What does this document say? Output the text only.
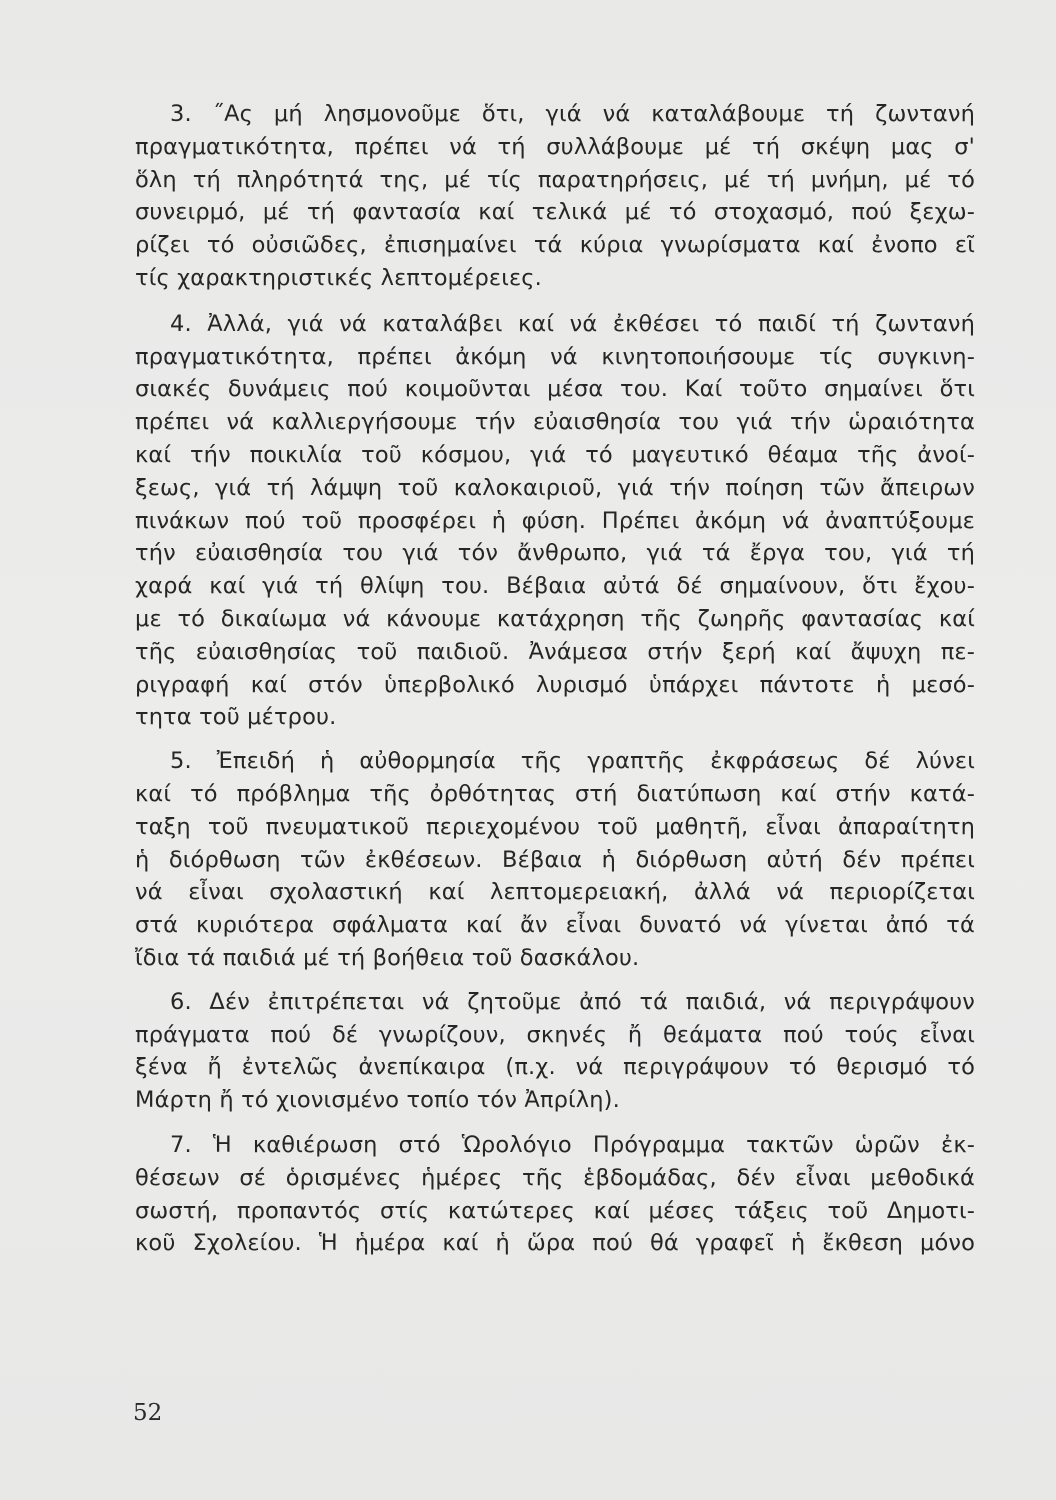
3. ˝Ας μή λησμονοῦμε ὅτι, γιά νά καταλάβουμε τή ζωντανή
πραγματικότητα, πρέπει νά τή συλλάβουμε μέ τή σκέψη μας σ'
ὅλη τή πληρότητά της, μέ τίς παρατηρήσεις, μέ τή μνήμη, μέ τό
συνειρμό, μέ τή φαντασία καί τελικά μέ τό στοχασμό, πού ξεχω-
ρίζει τό οὐσιῶδες, ἐπισημαίνει τά κύρια γνωρίσματα καί ἐνοπο εῖ
τίς χαρακτηριστικές λεπτομέρειες.

4. Ἀλλά, γιά νά καταλάβει καί νά ἐκθέσει τό παιδί τή ζωντανή
πραγματικότητα, πρέπει ἀκόμη νά κινητοποιήσουμε τίς συγκινη-
σιακές δυνάμεις πού κοιμοῦνται μέσα του. Καί τοῦτο σημαίνει ὅτι
πρέπει νά καλλιεργήσουμε τήν εὐαισθησία του γιά τήν ὡραιότητα
καί τήν ποικιλία τοῦ κόσμου, γιά τό μαγευτικό θέαμα τῆς ἀνοί-
ξεως, γιά τή λάμψη τοῦ καλοκαιριοῦ, γιά τήν ποίηση τῶν ἄπειρων
πινάκων πού τοῦ προσφέρει ἡ φύση. Πρέπει ἀκόμη νά ἀναπτύξουμε
τήν εὐαισθησία του γιά τόν ἄνθρωπο, γιά τά ἔργα του, γιά τή
χαρά καί γιά τή θλίψη του. Βέβαια αὐτά δέ σημαίνουν, ὅτι ἔχου-
με τό δικαίωμα νά κάνουμε κατάχρηση τῆς ζωηρῆς φαντασίας καί
τῆς εὐαισθησίας τοῦ παιδιοῦ. Ἀνάμεσα στήν ξερή καί ἄψυχη πε-
ριγραφή καί στόν ὑπερβολικό λυρισμό ὑπάρχει πάντοτε ἡ μεσό-
τητα τοῦ μέτρου.

5. Ἐπειδή ἡ αὐθορμησία τῆς γραπτῆς ἐκφράσεως δέ λύνει
καί τό πρόβλημα τῆς ὀρθότητας στή διατύπωση καί στήν κατά-
ταξη τοῦ πνευματικοῦ περιεχομένου τοῦ μαθητῆ, εἶναι ἀπαραίτητη
ἡ διόρθωση τῶν ἐκθέσεων. Βέβαια ἡ διόρθωση αὐτή δέν πρέπει
νά εἶναι σχολαστική καί λεπτομερειακή, ἀλλά νά περιορίζεται
στά κυριότερα σφάλματα καί ἄν εἶναι δυνατό νά γίνεται ἀπό τά
ἴδια τά παιδιά μέ τή βοήθεια τοῦ δασκάλου.

6. Δέν ἐπιτρέπεται νά ζητοῦμε ἀπό τά παιδιά, νά περιγράψουν
πράγματα πού δέ γνωρίζουν, σκηνές ἤ θεάματα πού τούς εἶναι
ξένα ἤ ἐντελῶς ἀνεπίκαιρα (π.χ. νά περιγράψουν τό θερισμό τό
Μάρτη ἤ τό χιονισμένο τοπίο τόν Ἀπρίλη).

7. Ἡ καθιέρωση στό Ὡρολόγιο Πρόγραμμα τακτῶν ὡρῶν ἐκ-
θέσεων σέ ὁρισμένες ἡμέρες τῆς ἑβδομάδας, δέν εἶναι μεθοδικά
σωστή, προπαντός στίς κατώτερες καί μέσες τάξεις τοῦ Δημοτι-
κοῦ Σχολείου. Ἡ ἡμέρα καί ἡ ὥρα πού θά γραφεῖ ἡ ἔκθεση μόνο

52
